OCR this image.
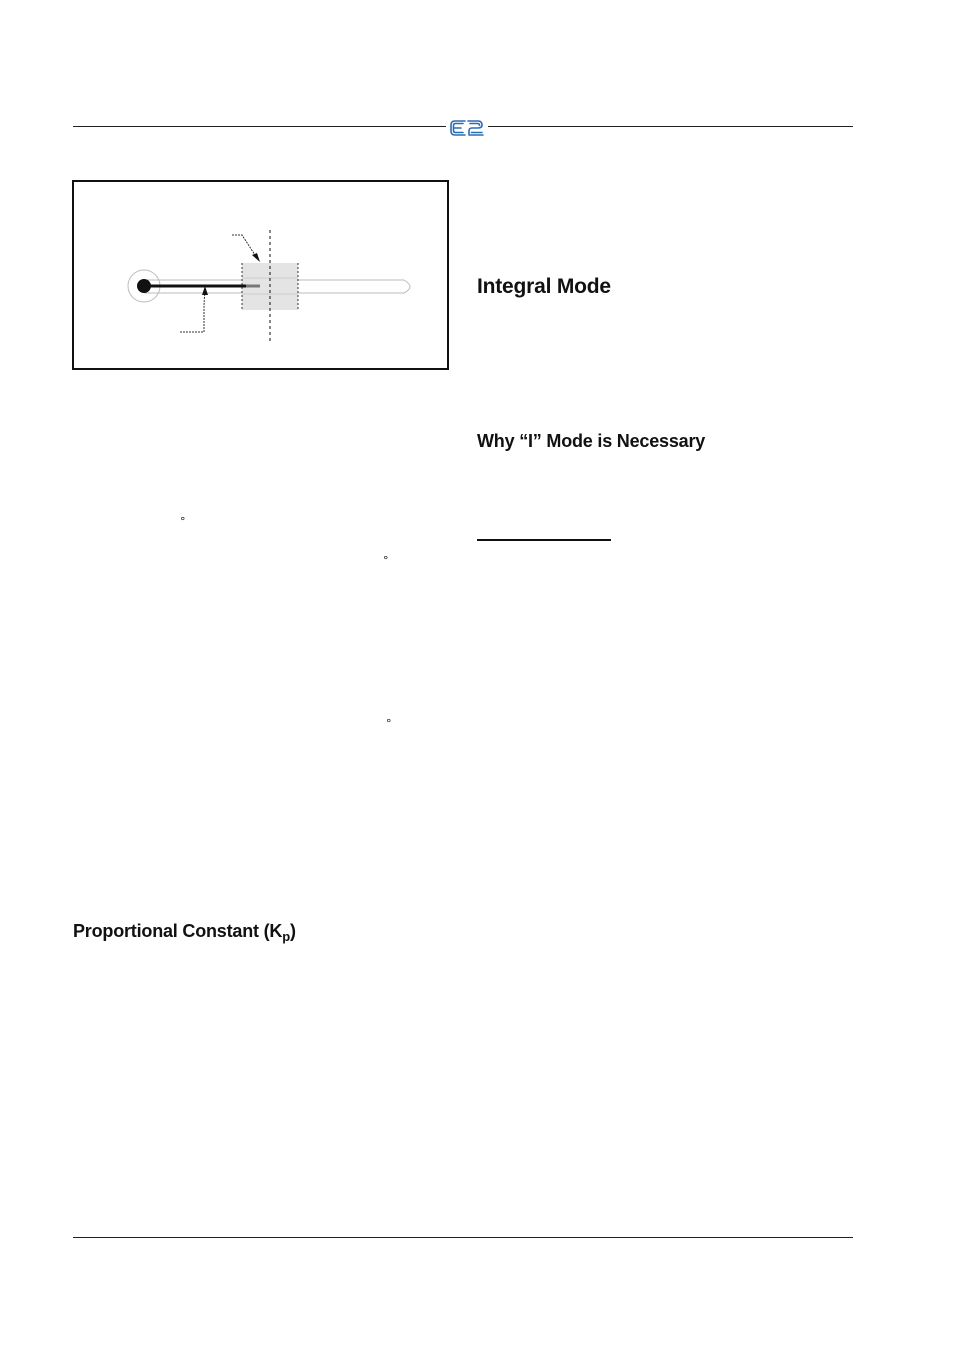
Integral Mode
Why “I” Mode is Necessary
°
°
°
Proportional Constant $(K_p)$
